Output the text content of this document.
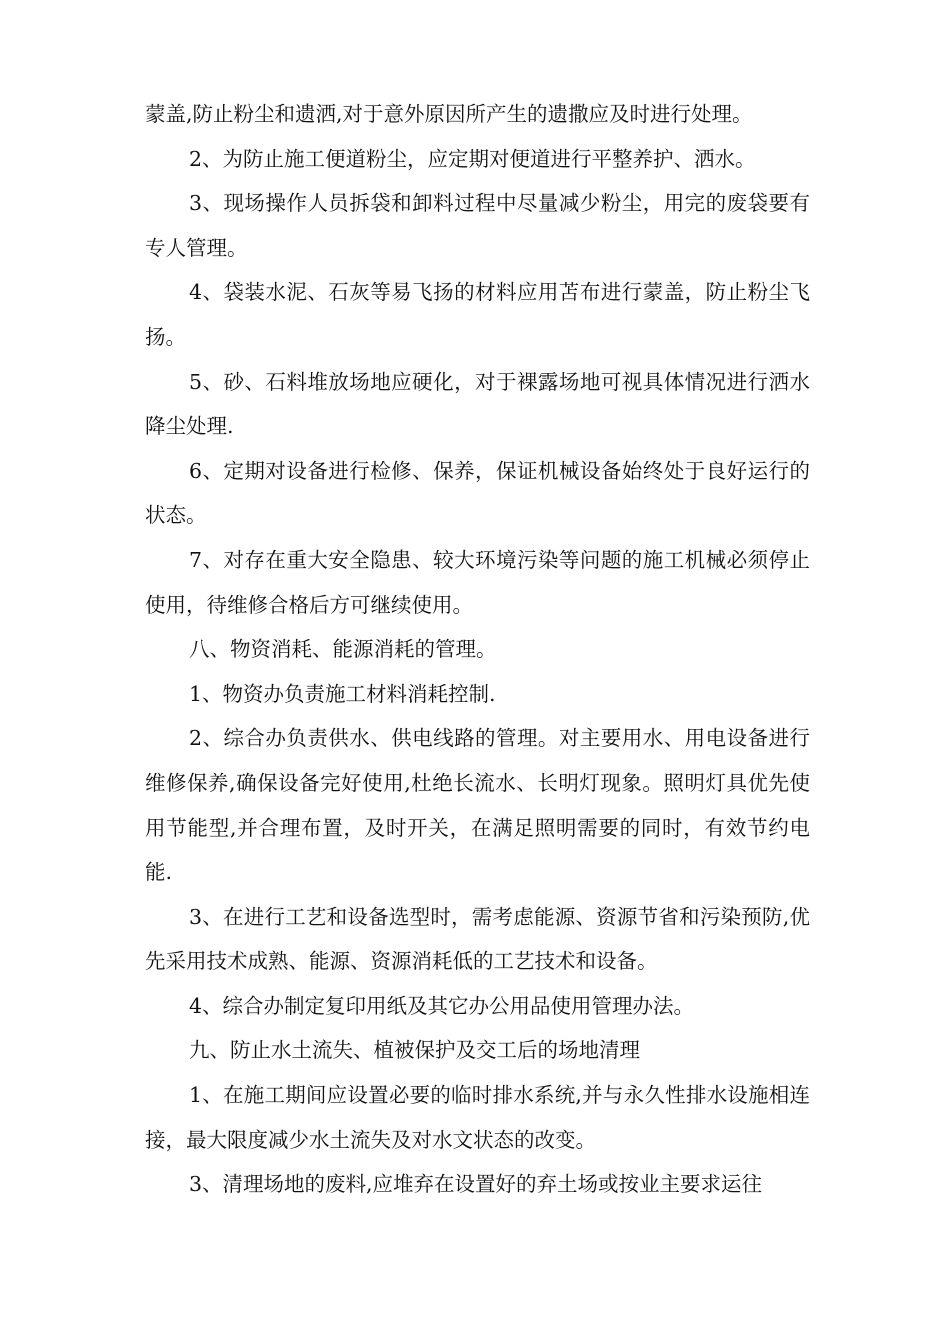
蒙盖,防止粉尘和遗洒,对于意外原因所产生的遗撒应及时进行处理。

2、为防止施工便道粉尘，应定期对便道进行平整养护、洒水。

3、现场操作人员拆袋和卸料过程中尽量减少粉尘，用完的废袋要有专人管理。

4、袋装水泥、石灰等易飞扬的材料应用苫布进行蒙盖，防止粉尘飞扬。

5、砂、石料堆放场地应硬化，对于裸露场地可视具体情况进行洒水降尘处理.

6、定期对设备进行检修、保养，保证机械设备始终处于良好运行的状态。

7、对存在重大安全隐患、较大环境污染等问题的施工机械必须停止使用，待维修合格后方可继续使用。

八、物资消耗、能源消耗的管理。

1、物资办负责施工材料消耗控制.

2、综合办负责供水、供电线路的管理。对主要用水、用电设备进行维修保养,确保设备完好使用,杜绝长流水、长明灯现象。照明灯具优先使用节能型,并合理布置，及时开关，在满足照明需要的同时，有效节约电能.

3、在进行工艺和设备选型时，需考虑能源、资源节省和污染预防,优先采用技术成熟、能源、资源消耗低的工艺技术和设备。

4、综合办制定复印用纸及其它办公用品使用管理办法。

九、防止水土流失、植被保护及交工后的场地清理

1、在施工期间应设置必要的临时排水系统,并与永久性排水设施相连接，最大限度减少水土流失及对水文状态的改变。

3、清理场地的废料,应堆弃在设置好的弃土场或按业主要求运往
